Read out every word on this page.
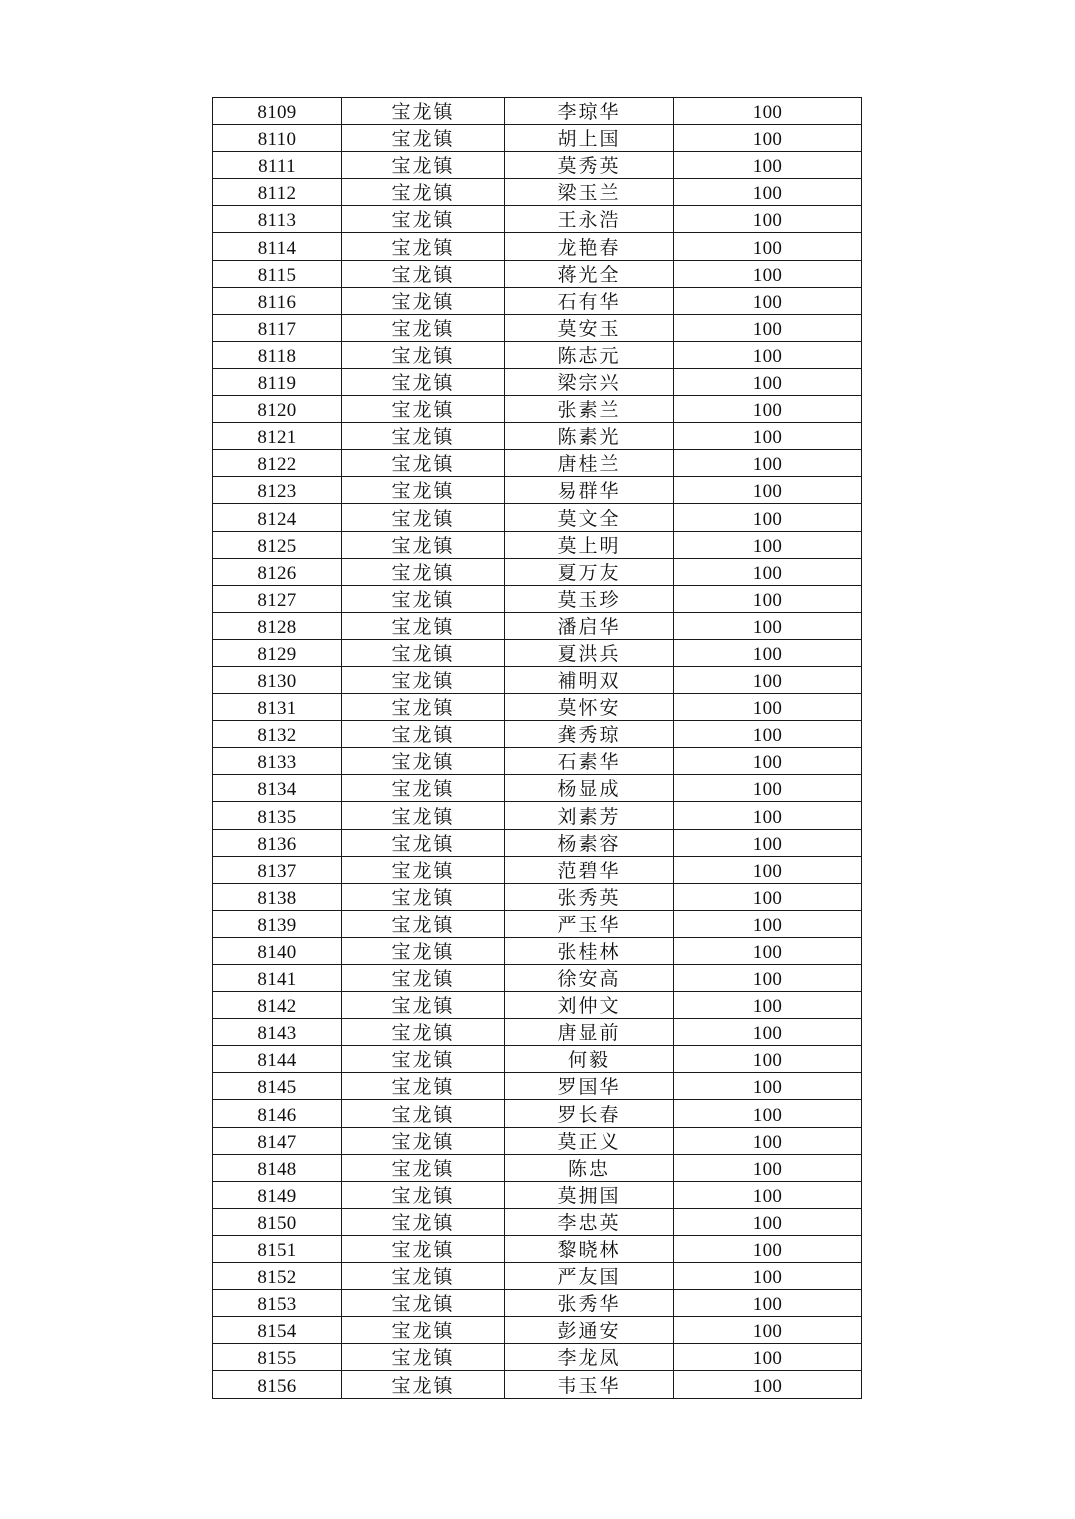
8109	宝龙镇	李琼华	100
8110	宝龙镇	胡上国	100
8111	宝龙镇	莫秀英	100
8112	宝龙镇	梁玉兰	100
8113	宝龙镇	王永浩	100
8114	宝龙镇	龙艳春	100
8115	宝龙镇	蒋光全	100
8116	宝龙镇	石有华	100
8117	宝龙镇	莫安玉	100
8118	宝龙镇	陈志元	100
8119	宝龙镇	梁宗兴	100
8120	宝龙镇	张素兰	100
8121	宝龙镇	陈素光	100
8122	宝龙镇	唐桂兰	100
8123	宝龙镇	易群华	100
8124	宝龙镇	莫文全	100
8125	宝龙镇	莫上明	100
8126	宝龙镇	夏万友	100
8127	宝龙镇	莫玉珍	100
8128	宝龙镇	潘启华	100
8129	宝龙镇	夏洪兵	100
8130	宝龙镇	補明双	100
8131	宝龙镇	莫怀安	100
8132	宝龙镇	龚秀琼	100
8133	宝龙镇	石素华	100
8134	宝龙镇	杨显成	100
8135	宝龙镇	刘素芳	100
8136	宝龙镇	杨素容	100
8137	宝龙镇	范碧华	100
8138	宝龙镇	张秀英	100
8139	宝龙镇	严玉华	100
8140	宝龙镇	张桂林	100
8141	宝龙镇	徐安高	100
8142	宝龙镇	刘仲文	100
8143	宝龙镇	唐显前	100
8144	宝龙镇	何毅	100
8145	宝龙镇	罗国华	100
8146	宝龙镇	罗长春	100
8147	宝龙镇	莫正义	100
8148	宝龙镇	陈忠	100
8149	宝龙镇	莫拥国	100
8150	宝龙镇	李忠英	100
8151	宝龙镇	黎晓林	100
8152	宝龙镇	严友国	100
8153	宝龙镇	张秀华	100
8154	宝龙镇	彭通安	100
8155	宝龙镇	李龙凤	100
8156	宝龙镇	韦玉华	100
